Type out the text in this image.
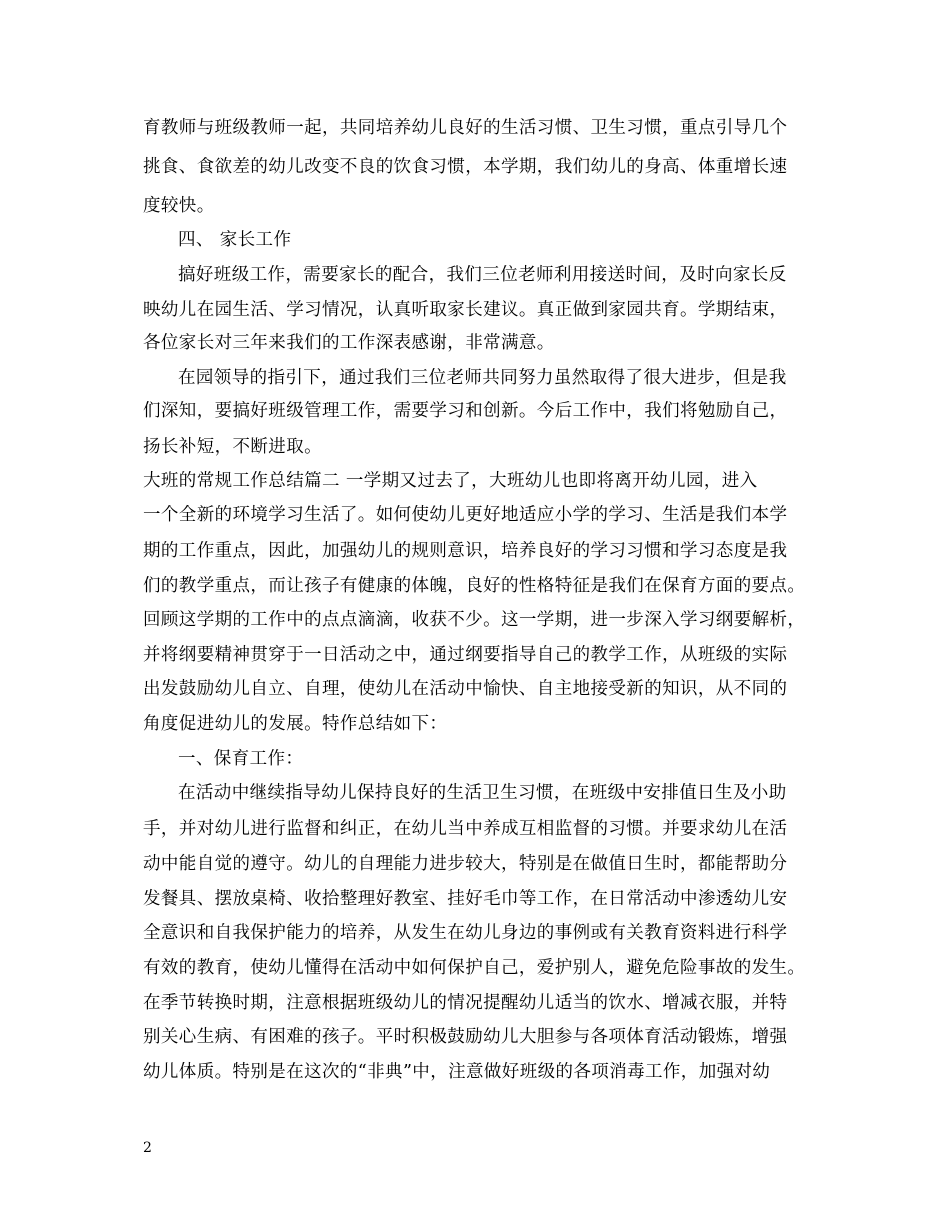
育教师与班级教师一起，共同培养幼儿良好的生活习惯、卫生习惯，重点引导几个
挑食、食欲差的幼儿改变不良的饮食习惯，本学期，我们幼儿的身高、体重增长速
度较快。
四、 家长工作
搞好班级工作，需要家长的配合，我们三位老师利用接送时间，及时向家长反
映幼儿在园生活、学习情况，认真听取家长建议。真正做到家园共育。学期结束，
各位家长对三年来我们的工作深表感谢，非常满意。
在园领导的指引下，通过我们三位老师共同努力虽然取得了很大进步，但是我
们深知，要搞好班级管理工作，需要学习和创新。今后工作中，我们将勉励自己，
扬长补短，不断进取。
大班的常规工作总结篇二 一学期又过去了，大班幼儿也即将离开幼儿园，进入
一个全新的环境学习生活了。如何使幼儿更好地适应小学的学习、生活是我们本学
期的工作重点，因此，加强幼儿的规则意识，培养良好的学习习惯和学习态度是我
们的教学重点，而让孩子有健康的体魄，良好的性格特征是我们在保育方面的要点。
回顾这学期的工作中的点点滴滴，收获不少。这一学期，进一步深入学习纲要解析，
并将纲要精神贯穿于一日活动之中，通过纲要指导自己的教学工作，从班级的实际
出发鼓励幼儿自立、自理，使幼儿在活动中愉快、自主地接受新的知识，从不同的
角度促进幼儿的发展。特作总结如下：
一、保育工作：
在活动中继续指导幼儿保持良好的生活卫生习惯，在班级中安排值日生及小助
手，并对幼儿进行监督和纠正，在幼儿当中养成互相监督的习惯。并要求幼儿在活
动中能自觉的遵守。幼儿的自理能力进步较大，特别是在做值日生时，都能帮助分
发餐具、摆放桌椅、收拾整理好教室、挂好毛巾等工作，在日常活动中渗透幼儿安
全意识和自我保护能力的培养，从发生在幼儿身边的事例或有关教育资料进行科学
有效的教育，使幼儿懂得在活动中如何保护自己，爱护别人，避免危险事故的发生。
在季节转换时期，注意根据班级幼儿的情况提醒幼儿适当的饮水、增减衣服，并特
别关心生病、有困难的孩子。平时积极鼓励幼儿大胆参与各项体育活动锻炼，增强
幼儿体质。特别是在这次的“非典”中，注意做好班级的各项消毒工作，加强对幼
2
